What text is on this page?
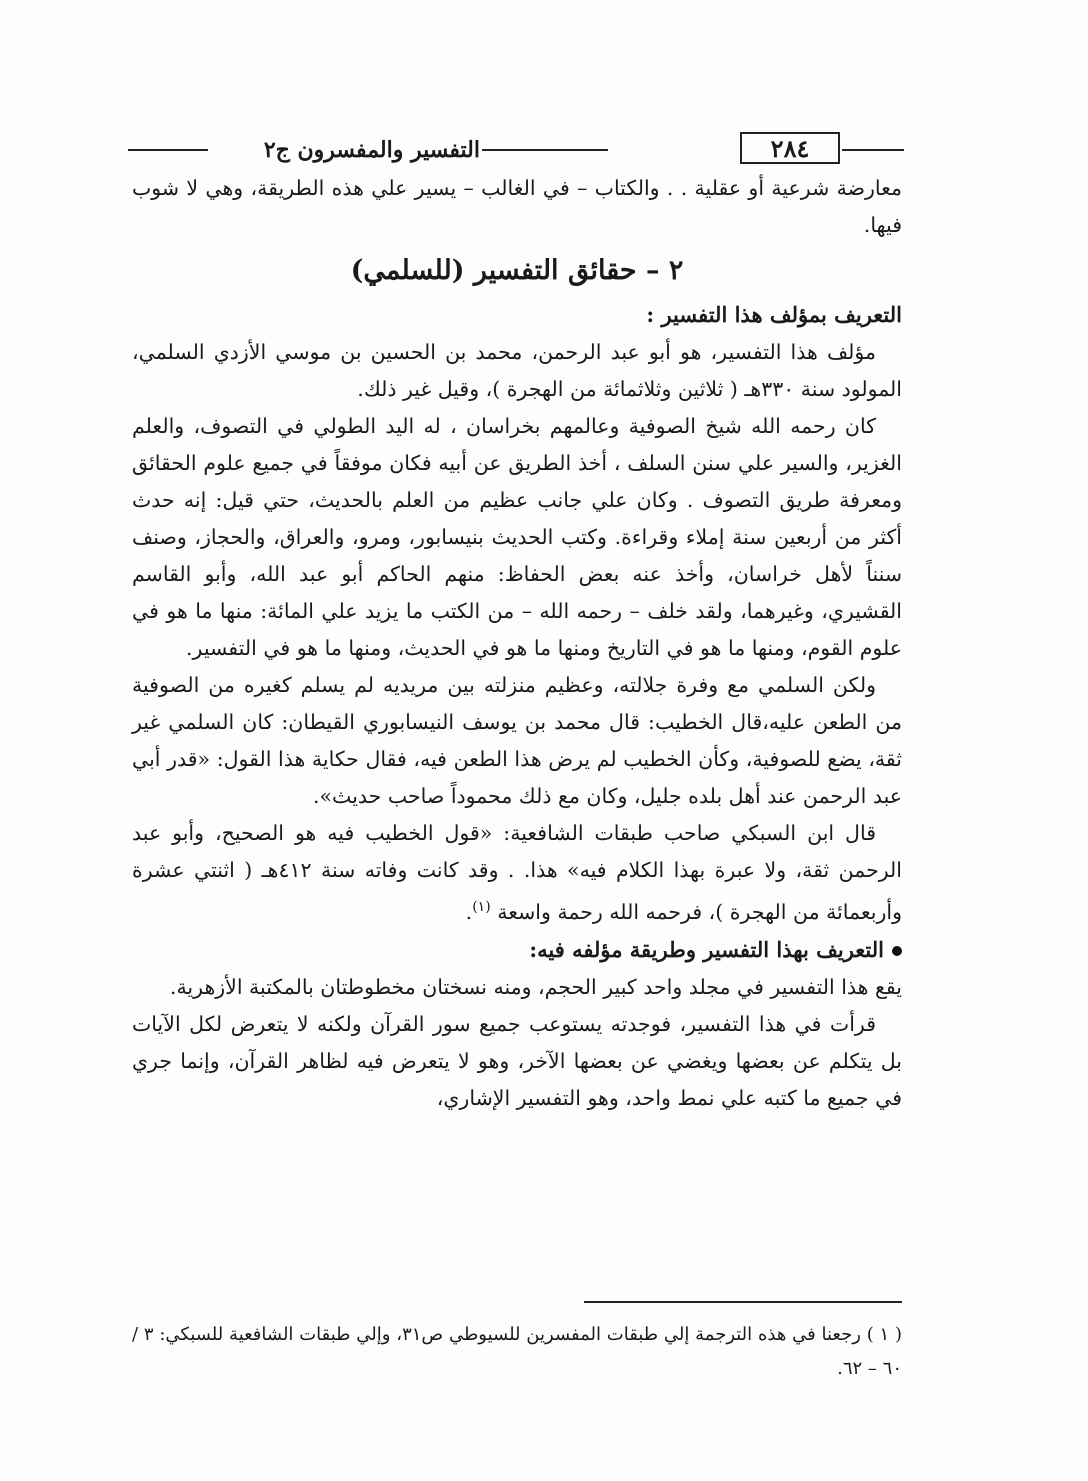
٢٨٤
التفسير والمفسرون ج٢

معارضة شرعية أو عقلية . . والكتاب – في الغالب – يسير علي هذه الطريقة، وهي لا شوب فيها.

٢ – حقائق التفسير (للسلمي)
التعريف بمؤلف هذا التفسير :

مؤلف هذا التفسير، هو أبو عبد الرحمن، محمد بن الحسين بن موسي الأزدي السلمي، المولود سنة ٣٣٠هـ ( ثلاثين وثلاثمائة من الهجرة )، وقيل غير ذلك.

كان رحمه الله شيخ الصوفية وعالمهم بخراسان ، له اليد الطولي في التصوف، والعلم الغزير، والسير علي سنن السلف ، أخذ الطريق عن أبيه فكان موفقاً في جميع علوم الحقائق ومعرفة طريق التصوف . وكان علي جانب عظيم من العلم بالحديث، حتي قيل: إنه حدث أكثر من أربعين سنة إملاء وقراءة. وكتب الحديث بنيسابور، ومرو، والعراق، والحجاز، وصنف سنناً لأهل خراسان، وأخذ عنه بعض الحفاظ: منهم الحاكم أبو عبد الله، وأبو القاسم القشيري، وغيرهما، ولقد خلف – رحمه الله – من الكتب ما يزيد علي المائة: منها ما هو في علوم القوم، ومنها ما هو في التاريخ ومنها ما هو في الحديث، ومنها ما هو في التفسير.

ولكن السلمي مع وفرة جلالته، وعظيم منزلته بين مريديه لم يسلم كغيره من الصوفية من الطعن عليه،قال الخطيب: قال محمد بن يوسف النيسابوري القيطان: كان السلمي غير ثقة، يضع للصوفية، وكأن الخطيب لم يرض هذا الطعن فيه، فقال حكاية هذا القول: «قدر أبي عبد الرحمن عند أهل بلده جليل، وكان مع ذلك محموداً صاحب حديث».

قال ابن السبكي صاحب طبقات الشافعية: «قول الخطيب فيه هو الصحيح، وأبو عبد الرحمن ثقة، ولا عبرة بهذا الكلام فيه» هذا. . وقد كانت وفاته سنة ٤١٢هـ ( اثنتي عشرة وأربعمائة من الهجرة )، فرحمه الله رحمة واسعة $^{(١)}$.

التعريف بهذا التفسير وطريقة مؤلفه فيه:

يقع هذا التفسير في مجلد واحد كبير الحجم، ومنه نسختان مخطوطتان بالمكتبة الأزهرية.

قرأت في هذا التفسير، فوجدته يستوعب جميع سور القرآن ولكنه لا يتعرض لكل الآيات بل يتكلم عن بعضها ويغضي عن بعضها الآخر، وهو لا يتعرض فيه لظاهر القرآن، وإنما جري في جميع ما كتبه علي نمط واحد، وهو التفسير الإشاري،

( ١ ) رجعنا في هذه الترجمة إلي طبقات المفسرين للسيوطي ص٣١، وإلي طبقات الشافعية للسبكي: ٣ / ٦٠ – ٦٢.
